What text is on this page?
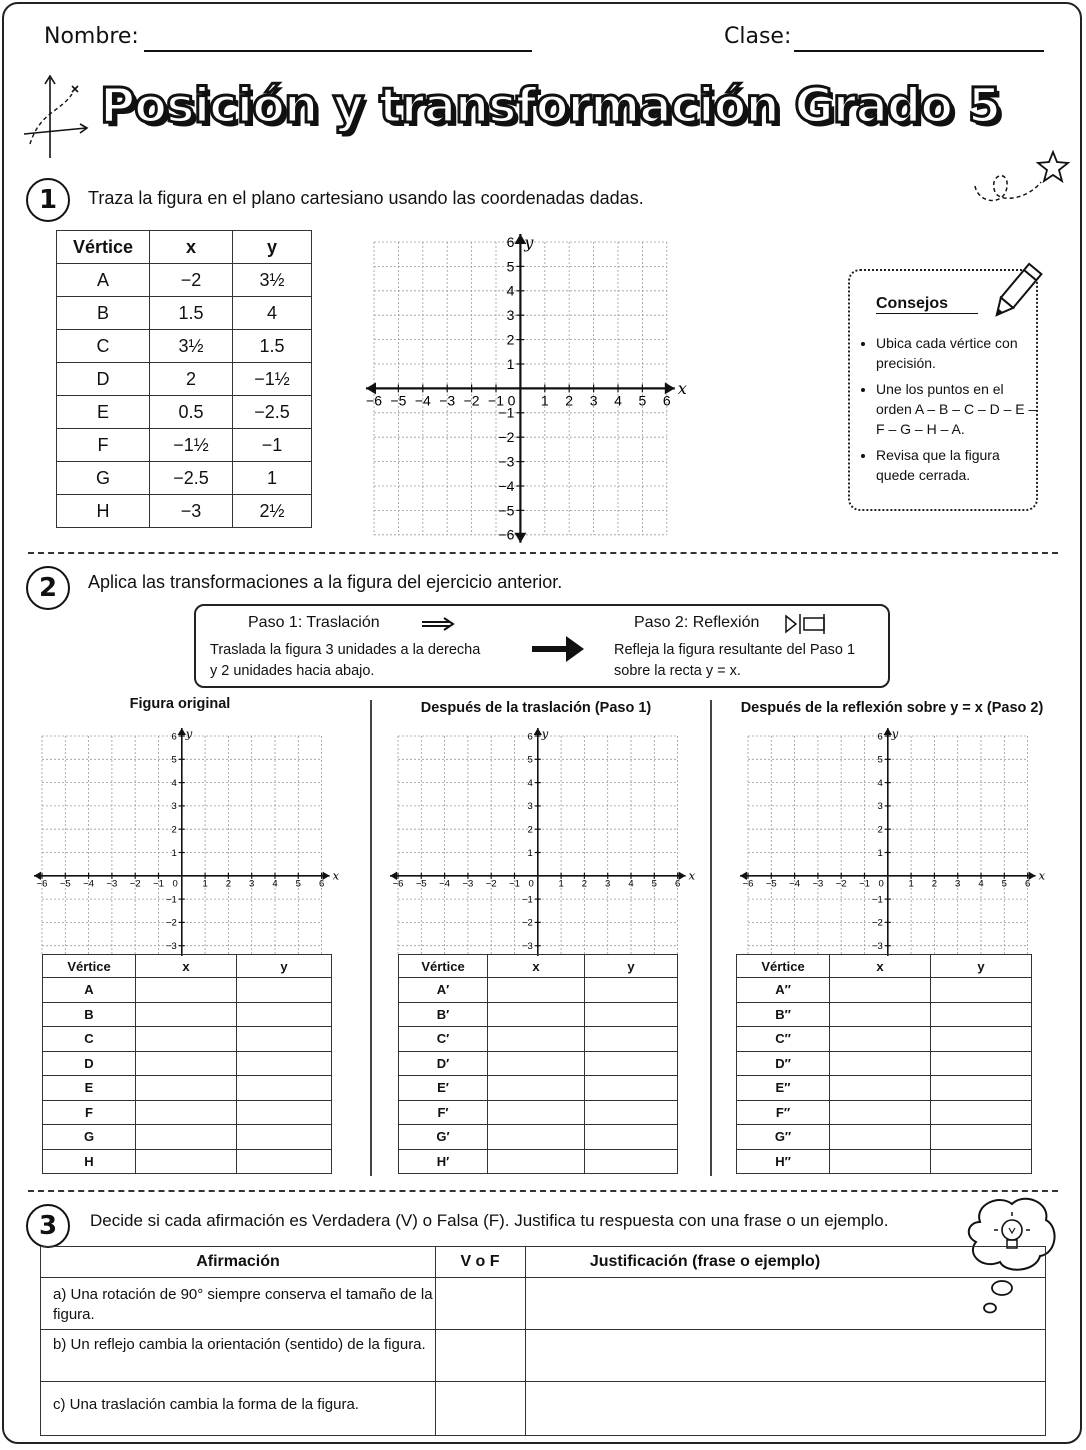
Nombre:	Clase:
Posición y transformación Grado 5
1	Traza la figura en el plano cartesiano usando las coordenadas dadas.
Vértice	x	y
A	−2	3½
B	1.5	4
C	3½	1.5
D	2	−1½
E	0.5	−2.5
F	−1½	−1
G	−2.5	1
H	−3	2½
−6
−6
−5
−5
−4
−4
−3
−3
−2
−2
−1
−1
0 1
1
2
2
3
3
4
4
5
5
6
6
x
y
Consejos
• Ubica cada vértice con precisión.
• Une los puntos en el orden A – B – C – D – E – F – G – H – A.
• Revisa que la figura quede cerrada.
2	Aplica las transformaciones a la figura del ejercicio anterior.
Paso 1: Traslación
Traslada la figura 3 unidades a la derecha
y 2 unidades hacia abajo.
Paso 2: Reflexión
Refleja la figura resultante del Paso 1
sobre la recta y = x.
Figura original	Después de la traslación (Paso 1)	Después de la reflexión sobre y = x (Paso 2)
−6 −5 −4 −3
−3
−2
−2
−1
−1
0	1
1
2
2
3
3
4
4
5
5
6
6
x
y
−6 −5 −4 −3
−3
−2
−2
−1
−1
0	1
1
2
2
3
3
4
4
5
5
6
6
x
y
−6 −5 −4 −3
−3
−2
−2
−1
−1
0	1
1
2
2
3
3
4
4
5
5
6
6
x
y
Vértice	x	y
A		
B		
C		
D		
E		
F		
G		
H		
Vértice	x	y
A′		
B′		
C′		
D′		
E′		
F′		
G′		
H′		
Vértice	x	y
A′′		
B′′		
C′′		
D′′		
E′′		
F′′		
G′′		
H′′		
3	Decide si cada afirmación es Verdadera (V) o Falsa (F). Justifica tu respuesta con una frase o un ejemplo.
Afirmación	V o F	Justificación (frase o ejemplo)
a) Una rotación de 90° siempre conserva el tamaño de la figura.
b) Un reflejo cambia la orientación (sentido) de la figura.
c) Una traslación cambia la forma de la figura.
